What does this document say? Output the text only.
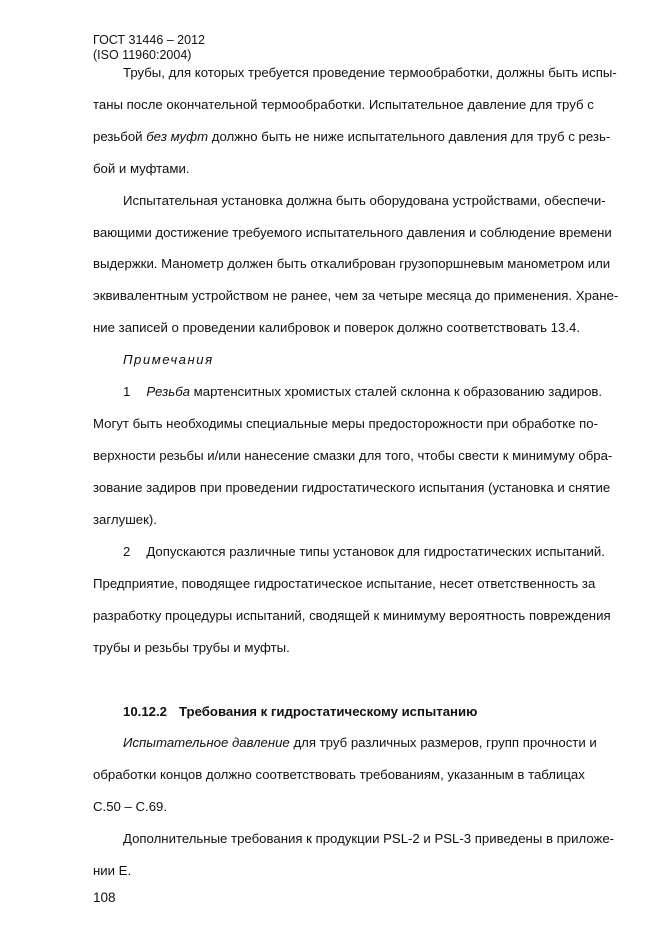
ГОСТ 31446 – 2012
(ISO 11960:2004)
Трубы, для которых требуется проведение термообработки, должны быть испы-
таны после окончательной термообработки. Испытательное давление для труб с
резьбой без муфт должно быть не ниже испытательного давления для труб с резь-
бой и муфтами.
Испытательная установка должна быть оборудована устройствами, обеспечи-
вающими достижение требуемого испытательного давления и соблюдение времени
выдержки. Манометр должен быть откалиброван грузопоршневым манометром или
эквивалентным устройством не ранее, чем за четыре месяца до применения. Хране-
ние записей о проведении калибровок и поверок должно соответствовать 13.4.
Примечания
1 Резьба мартенситных хромистых сталей склонна к образованию задиров.
Могут быть необходимы специальные меры предосторожности при обработке по-
верхности резьбы и/или нанесение смазки для того, чтобы свести к минимуму обра-
зование задиров при проведении гидростатического испытания (установка и снятие
заглушек).
2 Допускаются различные типы установок для гидростатических испытаний.
Предприятие, поводящее гидростатическое испытание, несет ответственность за
разработку процедуры испытаний, сводящей к минимуму вероятность повреждения
трубы и резьбы трубы и муфты.
10.12.2 Требования к гидростатическому испытанию
Испытательное давление для труб различных размеров, групп прочности и
обработки концов должно соответствовать требованиям, указанным в таблицах
С.50 – С.69.
Дополнительные требования к продукции PSL-2 и PSL-3 приведены в приложе-
нии Е.
108
